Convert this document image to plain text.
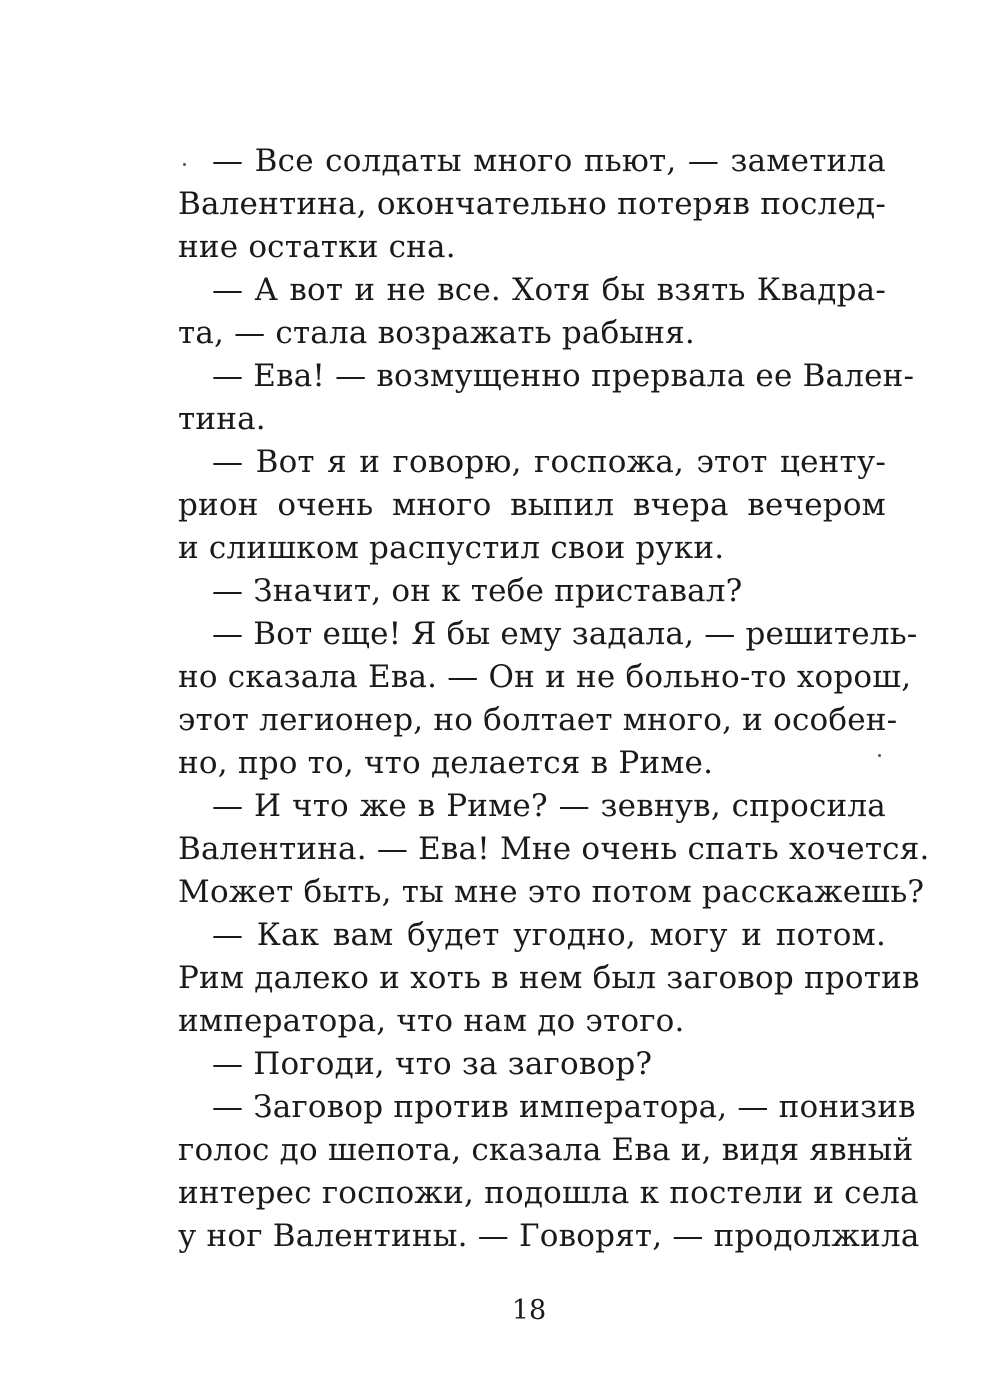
— Все солдаты много пьют, — заметила
Валентина, окончательно потеряв послед-
ние остатки сна.
— А вот и не все. Хотя бы взять Квадра-
та, — стала возражать рабыня.
— Ева! — возмущенно прервала ее Вален-
тина.
— Вот я и говорю, госпожа, этот центу-
рион очень много выпил вчера вечером
и слишком распустил свои руки.
— Значит, он к тебе приставал?
— Вот еще! Я бы ему задала, — решитель-
но сказала Ева. — Он и не больно-то хорош,
этот легионер, но болтает много, и особен-
но, про то, что делается в Риме.
— И что же в Риме? — зевнув, спросила
Валентина. — Ева! Мне очень спать хочется.
Может быть, ты мне это потом расскажешь?
— Как вам будет угодно, могу и потом.
Рим далеко и хоть в нем был заговор против
императора, что нам до этого.
— Погоди, что за заговор?
— Заговор против императора, — понизив
голос до шепота, сказала Ева и, видя явный
интерес госпожи, подошла к постели и села
у ног Валентины. — Говорят, — продолжила
18
